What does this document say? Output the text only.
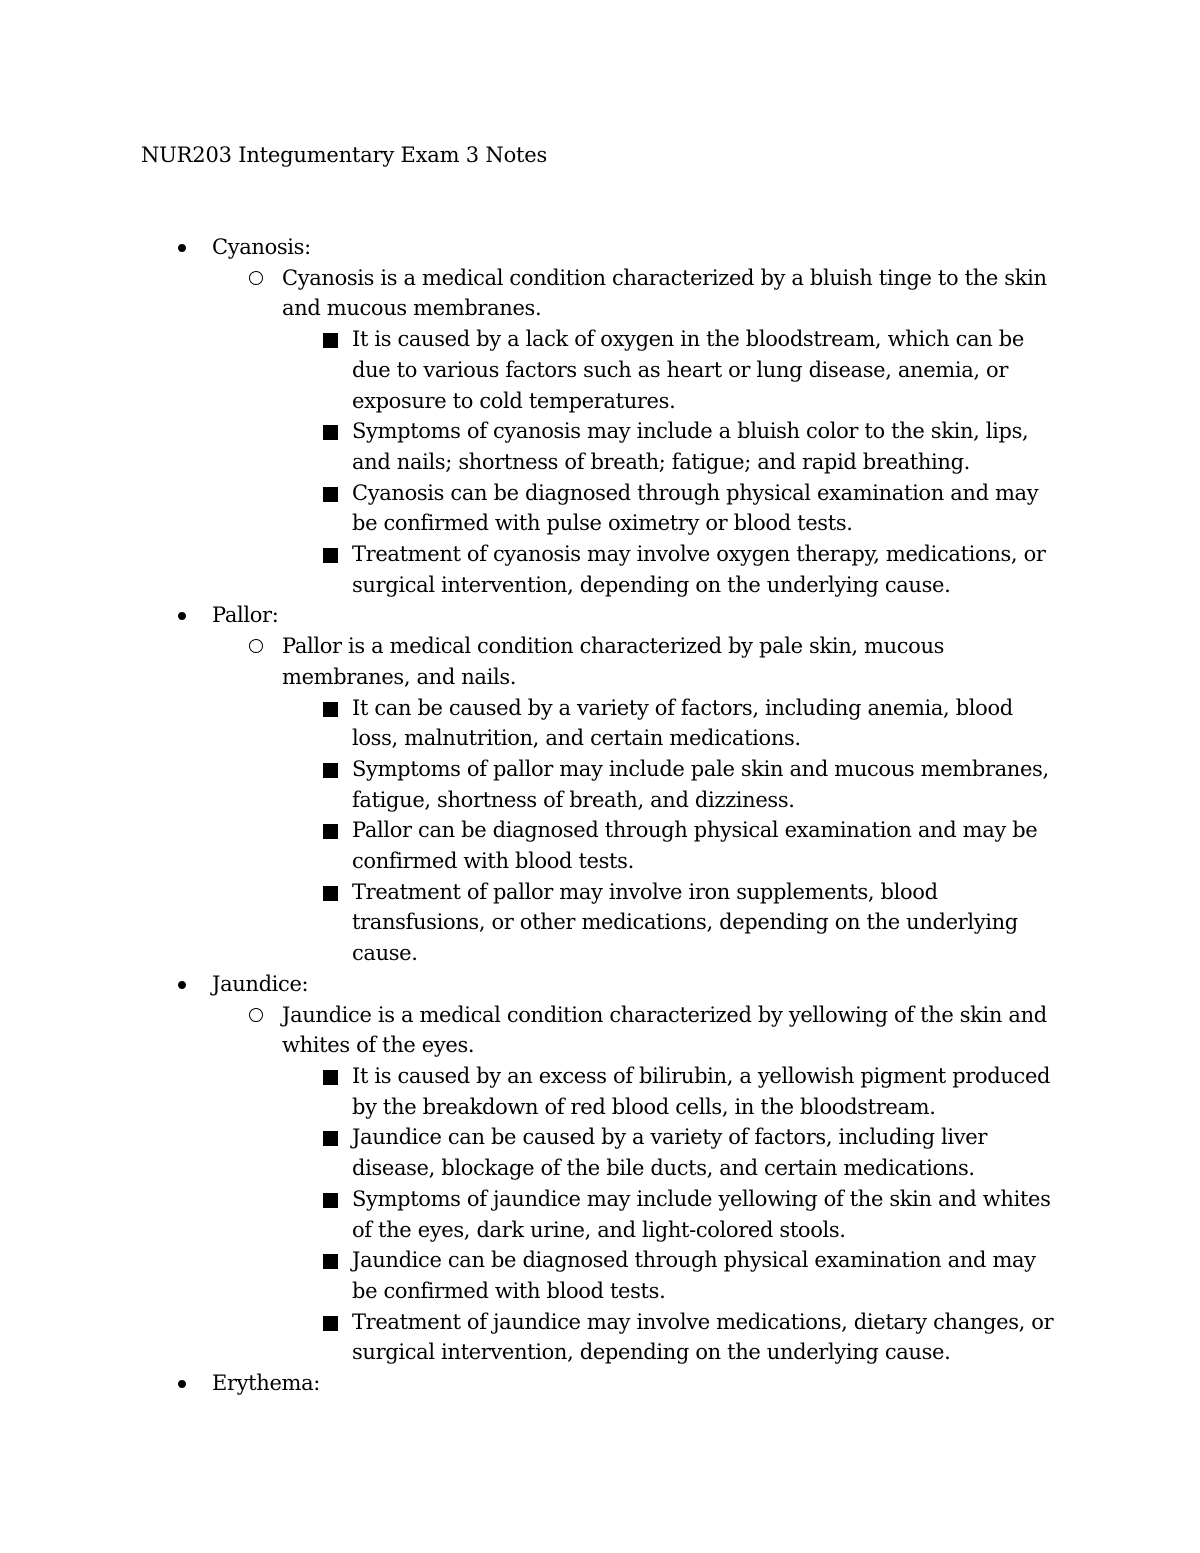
NUR203 Integumentary Exam 3 Notes
Cyanosis:
Cyanosis is a medical condition characterized by a bluish tinge to the skin and mucous membranes.
It is caused by a lack of oxygen in the bloodstream, which can be due to various factors such as heart or lung disease, anemia, or exposure to cold temperatures.
Symptoms of cyanosis may include a bluish color to the skin, lips, and nails; shortness of breath; fatigue; and rapid breathing.
Cyanosis can be diagnosed through physical examination and may be confirmed with pulse oximetry or blood tests.
Treatment of cyanosis may involve oxygen therapy, medications, or surgical intervention, depending on the underlying cause.
Pallor:
Pallor is a medical condition characterized by pale skin, mucous membranes, and nails.
It can be caused by a variety of factors, including anemia, blood loss, malnutrition, and certain medications.
Symptoms of pallor may include pale skin and mucous membranes, fatigue, shortness of breath, and dizziness.
Pallor can be diagnosed through physical examination and may be confirmed with blood tests.
Treatment of pallor may involve iron supplements, blood transfusions, or other medications, depending on the underlying cause.
Jaundice:
Jaundice is a medical condition characterized by yellowing of the skin and whites of the eyes.
It is caused by an excess of bilirubin, a yellowish pigment produced by the breakdown of red blood cells, in the bloodstream.
Jaundice can be caused by a variety of factors, including liver disease, blockage of the bile ducts, and certain medications.
Symptoms of jaundice may include yellowing of the skin and whites of the eyes, dark urine, and light-colored stools.
Jaundice can be diagnosed through physical examination and may be confirmed with blood tests.
Treatment of jaundice may involve medications, dietary changes, or surgical intervention, depending on the underlying cause.
Erythema:
